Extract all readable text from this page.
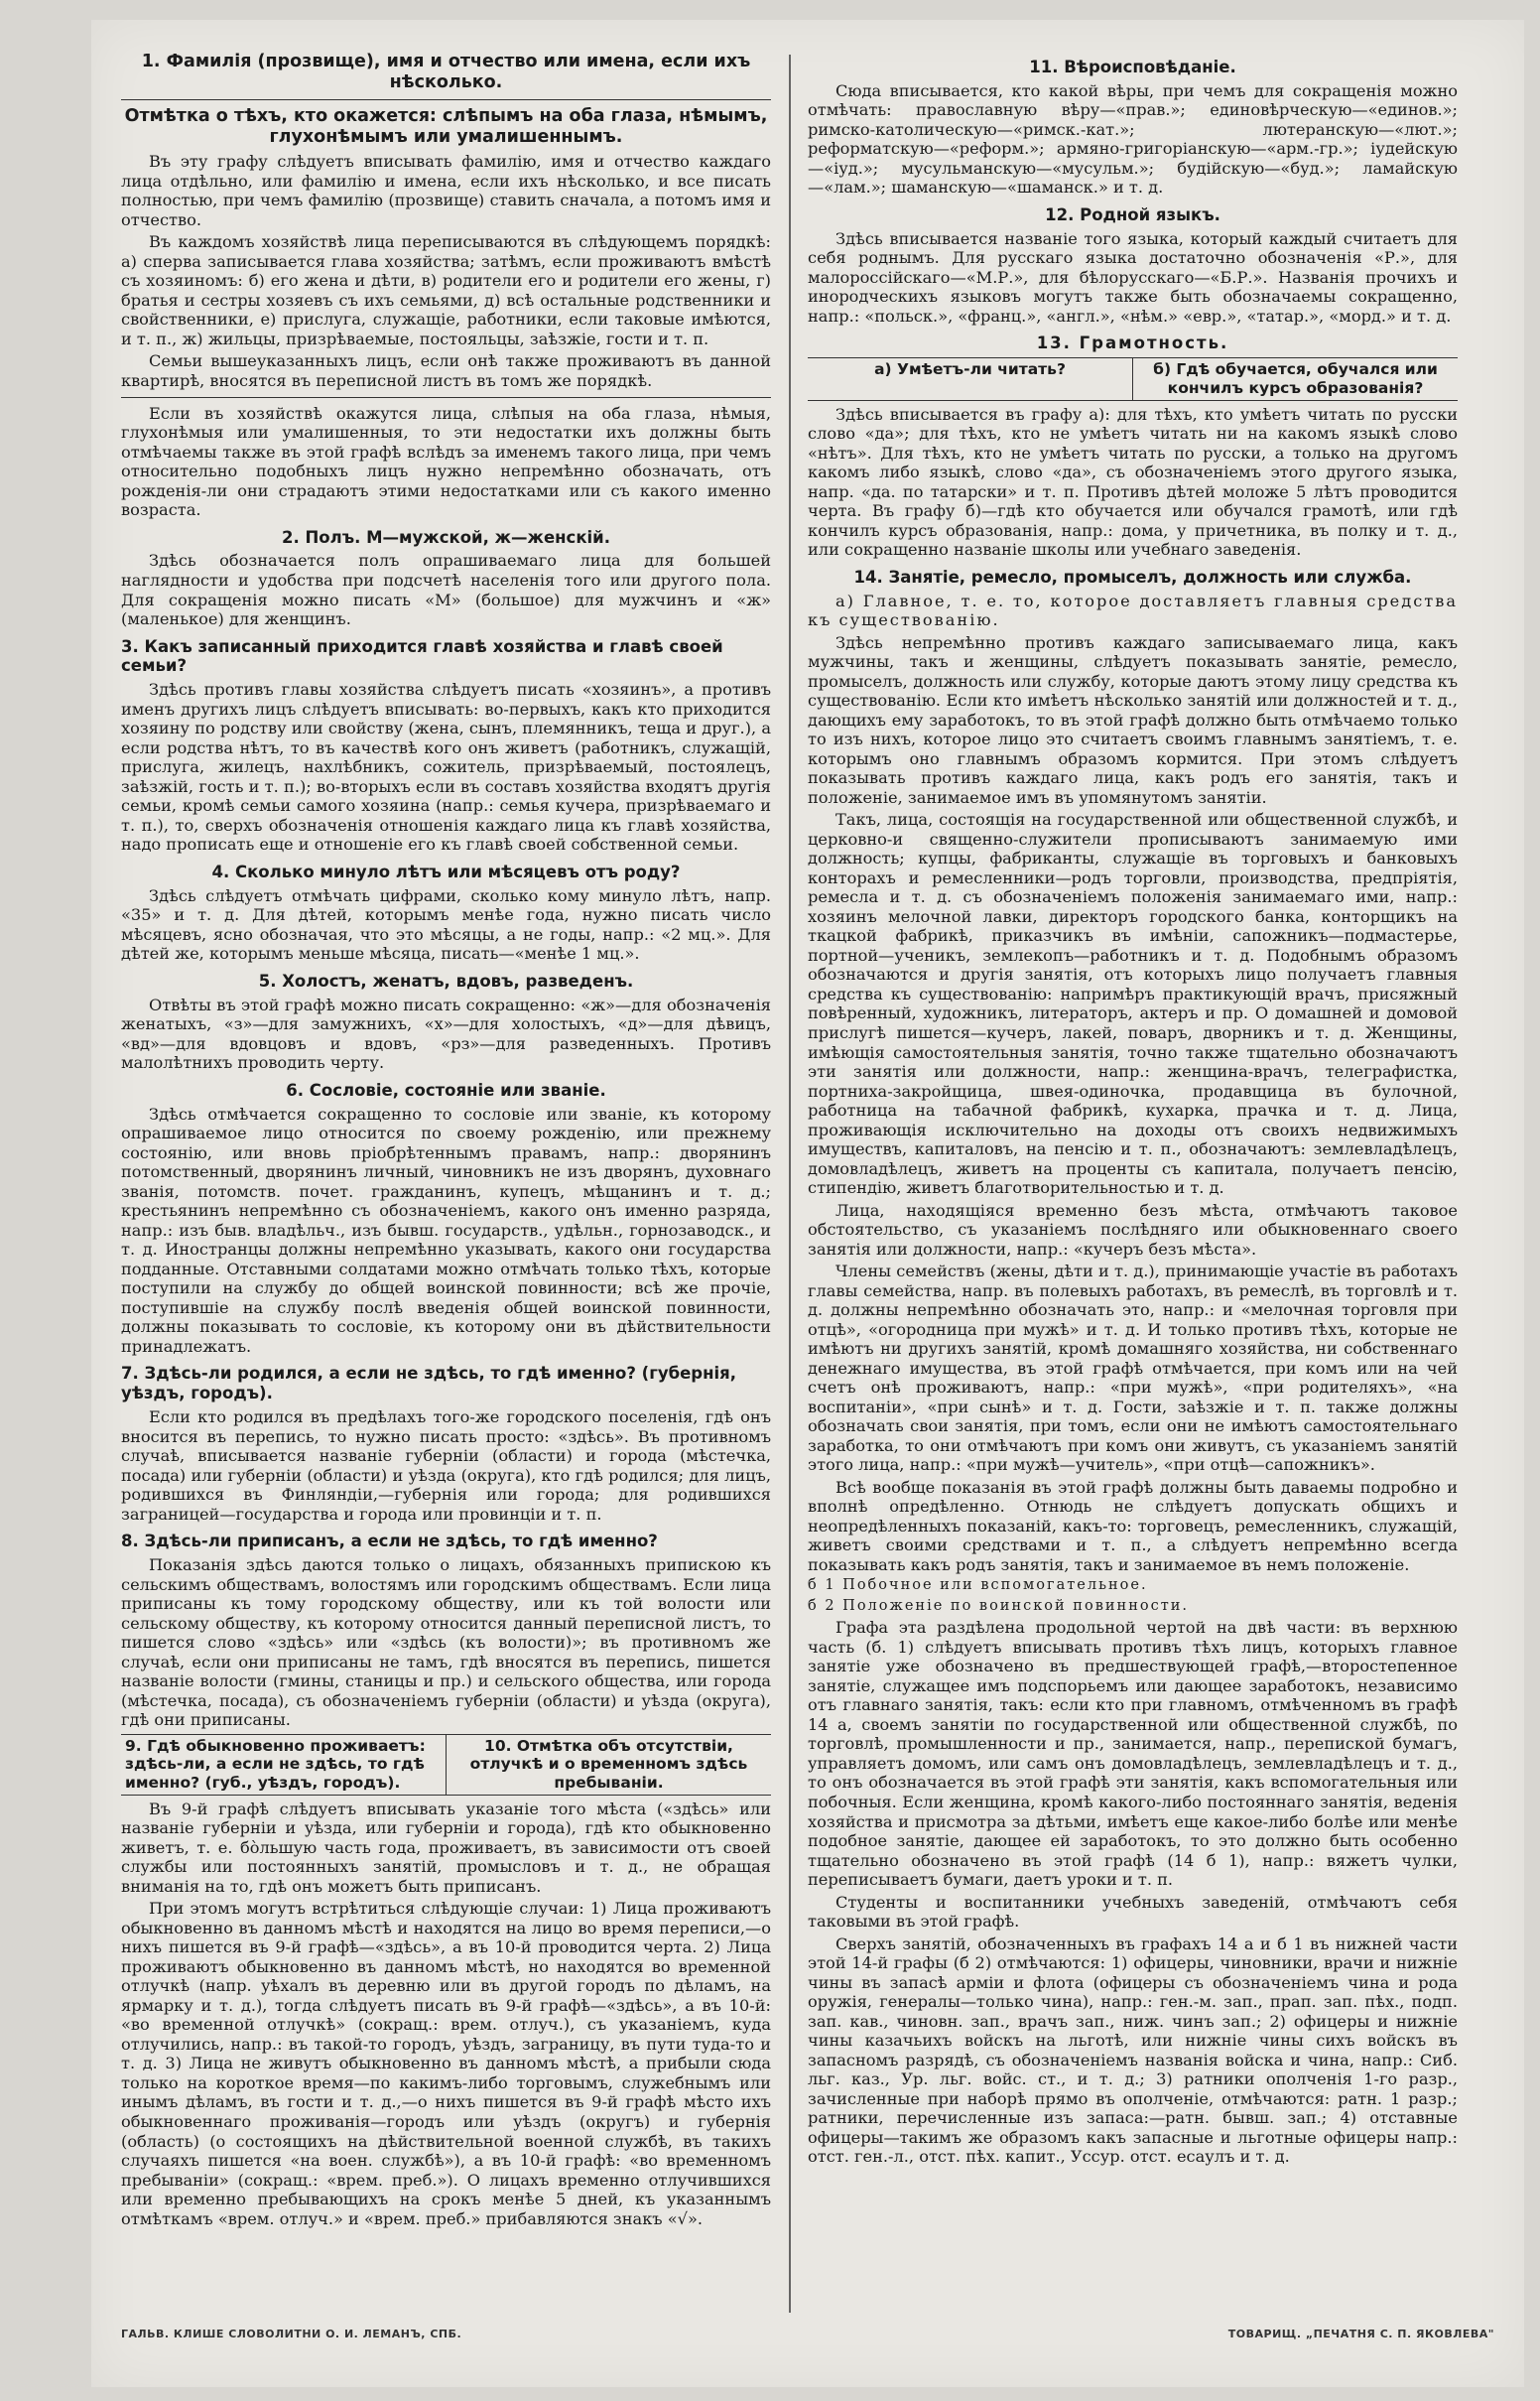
1. Фамилія (прозвище), имя и отчество или имена, если ихъ нѣсколько.
Отмѣтка о тѣхъ, кто окажется: слѣпымъ на оба глаза, нѣмымъ, глухонѣмымъ или умалишеннымъ.

Въ эту графу слѣдуетъ вписывать фамилію, имя и отчество каждаго лица отдѣльно, или фамилію и имена, если ихъ нѣсколько, и все писать полностью, при чемъ фамилію (прозвище) ставить сначала, а потомъ имя и отчество.

Въ каждомъ хозяйствѣ лица переписываются въ слѣдующемъ порядкѣ: а) сперва записывается глава хозяйства; затѣмъ, если проживаютъ вмѣстѣ съ хозяиномъ: б) его жена и дѣти, в) родители его и родители его жены, г) братья и сестры хозяевъ съ ихъ семьями, д) всѣ остальные родственники и свойственники, е) прислуга, служащіе, работники, если таковые имѣются, и т. п., ж) жильцы, призрѣваемые, постояльцы, заѣзжіе, гости и т. п.

Семьи вышеуказанныхъ лицъ, если онѣ также проживаютъ въ данной квартирѣ, вносятся въ переписной листъ въ томъ же порядкѣ.

Если въ хозяйствѣ окажутся лица, слѣпыя на оба глаза, нѣмыя, глухонѣмыя или умалишенныя, то эти недостатки ихъ должны быть отмѣчаемы также въ этой графѣ вслѣдъ за именемъ такого лица, при чемъ относительно подобныхъ лицъ нужно непремѣнно обозначать, отъ рожденія-ли они страдаютъ этими недостатками или съ какого именно возраста.

2. Полъ. М—мужской, ж—женскій.

Здѣсь обозначается полъ опрашиваемаго лица для большей наглядности и удобства при подсчетѣ населенія того или другого пола. Для сокращенія можно писать «М» (большое) для мужчинъ и «ж» (маленькое) для женщинъ.

3. Какъ записанный приходится главѣ хозяйства и главѣ своей семьи?

Здѣсь противъ главы хозяйства слѣдуетъ писать «хозяинъ», а противъ именъ другихъ лицъ слѣдуетъ вписывать: во-первыхъ, какъ кто приходится хозяину по родству или свойству (жена, сынъ, племянникъ, теща и друг.), а если родства нѣтъ, то въ качествѣ кого онъ живетъ (работникъ, служащій, прислуга, жилецъ, нахлѣбникъ, сожитель, призрѣваемый, постоялецъ, заѣзжій, гость и т. п.); во-вторыхъ если въ составъ хозяйства входятъ другія семьи, кромѣ семьи самого хозяина (напр.: семья кучера, призрѣваемаго и т. п.), то, сверхъ обозначенія отношенія каждаго лица къ главѣ хозяйства, надо прописать еще и отношеніе его къ главѣ своей собственной семьи.

4. Сколько минуло лѣтъ или мѣсяцевъ отъ роду?

Здѣсь слѣдуетъ отмѣчать цифрами, сколько кому минуло лѣтъ, напр. «35» и т. д. Для дѣтей, которымъ менѣе года, нужно писать число мѣсяцевъ, ясно обозначая, что это мѣсяцы, а не годы, напр.: «2 мц.». Для дѣтей же, которымъ меньше мѣсяца, писать—«менѣе 1 мц.».

5. Холостъ, женатъ, вдовъ, разведенъ.

Отвѣты въ этой графѣ можно писать сокращенно: «ж»—для обозначенія женатыхъ, «з»—для замужнихъ, «х»—для холостыхъ, «д»—для дѣвицъ, «вд»—для вдовцовъ и вдовъ, «рз»—для разведенныхъ. Противъ малолѣтнихъ проводить черту.

6. Сословіе, состояніе или званіе.

Здѣсь отмѣчается сокращенно то сословіе или званіе, къ которому опрашиваемое лицо относится по своему рожденію, или прежнему состоянію, или вновь пріобрѣтеннымъ правамъ, напр.: дворянинъ потомственный, дворянинъ личный, чиновникъ не изъ дворянъ, духовнаго званія, потомств. почет. гражданинъ, купецъ, мѣщанинъ и т. д.; крестьянинъ непремѣнно съ обозначеніемъ, какого онъ именно разряда, напр.: изъ быв. владѣльч., изъ бывш. государств., удѣльн., горнозаводск., и т. д. Иностранцы должны непремѣнно указывать, какого они государства подданные. Отставными солдатами можно отмѣчать только тѣхъ, которые поступили на службу до общей воинской повинности; всѣ же прочіе, поступившіе на службу послѣ введенія общей воинской повинности, должны показывать то сословіе, къ которому они въ дѣйствительности принадлежатъ.

7. Здѣсь-ли родился, а если не здѣсь, то гдѣ именно? (губернія, уѣздъ, городъ).

Если кто родился въ предѣлахъ того-же городского поселенія, гдѣ онъ вносится въ перепись, то нужно писать просто: «здѣсь». Въ противномъ случаѣ, вписывается названіе губерніи (области) и города (мѣстечка, посада) или губерніи (области) и уѣзда (округа), кто гдѣ родился; для лицъ, родившихся въ Финляндіи,—губернія или города; для родившихся заграницей—государства и города или провинціи и т. п.

8. Здѣсь-ли приписанъ, а если не здѣсь, то гдѣ именно?

Показанія здѣсь даются только о лицахъ, обязанныхъ припискою къ сельскимъ обществамъ, волостямъ или городскимъ обществамъ. Если лица приписаны къ тому городскому обществу, или къ той волости или сельскому обществу, къ которому относится данный переписной листъ, то пишется слово «здѣсь» или «здѣсь (къ волости)»; въ противномъ же случаѣ, если они приписаны не тамъ, гдѣ вносятся въ перепись, пишется названіе волости (гмины, станицы и пр.) и сельского общества, или города (мѣстечка, посада), съ обозначеніемъ губерніи (области) и уѣзда (округа), гдѣ они приписаны.

9. Гдѣ обыкновенно проживаетъ: здѣсь-ли, а если не здѣсь, то гдѣ именно? (губ., уѣздъ, городъ).
10. Отмѣтка объ отсутствіи, отлучкѣ и о временномъ здѣсь пребываніи.

Въ 9-й графѣ слѣдуетъ вписывать указаніе того мѣста («здѣсь» или названіе губерніи и уѣзда, или губерніи и города), гдѣ кто обыкновенно живетъ, т. е. бо̀льшую часть года, проживаетъ, въ зависимости отъ своей службы или постоянныхъ занятій, промысловъ и т. д., не обращая вниманія на то, гдѣ онъ можетъ быть приписанъ.

При этомъ могутъ встрѣтиться слѣдующіе случаи: 1) Лица проживаютъ обыкновенно въ данномъ мѣстѣ и находятся на лицо во время переписи,—о нихъ пишется въ 9-й графѣ—«здѣсь», а въ 10-й проводится черта. 2) Лица проживаютъ обыкновенно въ данномъ мѣстѣ, но находятся во временной отлучкѣ (напр. уѣхалъ въ деревню или въ другой городъ по дѣламъ, на ярмарку и т. д.), тогда слѣдуетъ писать въ 9-й графѣ—«здѣсь», а въ 10-й: «во временной отлучкѣ» (сокращ.: врем. отлуч.), съ указаніемъ, куда отлучились, напр.: въ такой-то городъ, уѣздъ, заграницу, въ пути туда-то и т. д. 3) Лица не живутъ обыкновенно въ данномъ мѣстѣ, а прибыли сюда только на короткое время—по какимъ-либо торговымъ, служебнымъ или инымъ дѣламъ, въ гости и т. д.,—о нихъ пишется въ 9-й графѣ мѣсто ихъ обыкновеннаго проживанія—городъ или уѣздъ (округъ) и губернія (область) (о состоящихъ на дѣйствительной военной службѣ, въ такихъ случаяхъ пишется «на воен. службѣ»), а въ 10-й графѣ: «во временномъ пребываніи» (сокращ.: «врем. преб.»). О лицахъ временно отлучившихся или временно пребывающихъ на срокъ менѣе 5 дней, къ указаннымъ отмѣткамъ «врем. отлуч.» и «врем. преб.» прибавляются знакъ «√».

11. Вѣроисповѣданіе.

Сюда вписывается, кто какой вѣры, при чемъ для сокращенія можно отмѣчать: православную вѣру—«прав.»; единовѣрческую—«единов.»; римско-католическую—«римск.-кат.»; лютеранскую—«лют.»; реформатскую—«реформ.»; армяно-григоріанскую—«арм.-гр.»; іудейскую—«іуд.»; мусульманскую—«мусульм.»; будійскую—«буд.»; ламайскую—«лам.»; шаманскую—«шаманск.» и т. д.

12. Родной языкъ.

Здѣсь вписывается названіе того языка, который каждый считаетъ для себя роднымъ. Для русскаго языка достаточно обозначенія «Р.», для малороссійскаго—«М.Р.», для бѣлорусскаго—«Б.Р.». Названія прочихъ и инородческихъ языковъ могутъ также быть обозначаемы сокращенно, напр.: «польск.», «франц.», «англ.», «нѣм.» «евр.», «татар.», «морд.» и т. д.

13. Грамотность.
а) Умѣетъ-ли читать?	б) Гдѣ обучается, обучался или кончилъ курсъ образованія?

Здѣсь вписывается въ графу а): для тѣхъ, кто умѣетъ читать по русски слово «да»; для тѣхъ, кто не умѣетъ читать ни на какомъ языкѣ слово «нѣтъ». Для тѣхъ, кто не умѣетъ читать по русски, а только на другомъ какомъ либо языкѣ, слово «да», съ обозначеніемъ этого другого языка, напр. «да. по татарски» и т. п. Противъ дѣтей моложе 5 лѣтъ проводится черта. Въ графу б)—гдѣ кто обучается или обучался грамотѣ, или гдѣ кончилъ курсъ образованія, напр.: дома, у причетника, въ полку и т. д., или сокращенно названіе школы или учебнаго заведенія.

14. Занятіе, ремесло, промыселъ, должность или служба.

а) Главное, т. е. то, которое доставляетъ главныя средства къ существованію.

Здѣсь непремѣнно противъ каждаго записываемаго лица, какъ мужчины, такъ и женщины, слѣдуетъ показывать занятіе, ремесло, промыселъ, должность или службу, которые даютъ этому лицу средства къ существованію. Если кто имѣетъ нѣсколько занятій или должностей и т. д., дающихъ ему заработокъ, то въ этой графѣ должно быть отмѣчаемо только то изъ нихъ, которое лицо это считаетъ своимъ главнымъ занятіемъ, т. е. которымъ оно главнымъ образомъ кормится. При этомъ слѣдуетъ показывать противъ каждаго лица, какъ родъ его занятія, такъ и положеніе, занимаемое имъ въ упомянутомъ занятіи.

Такъ, лица, состоящія на государственной или общественной службѣ, и церковно-и священно-служители прописываютъ занимаемую ими должность; купцы, фабриканты, служащіе въ торговыхъ и банковыхъ конторахъ и ремесленники—родъ торговли, производства, предпріятія, ремесла и т. д. съ обозначеніемъ положенія занимаемаго ими, напр.: хозяинъ мелочной лавки, директоръ городского банка, конторщикъ на ткацкой фабрикѣ, приказчикъ въ имѣніи, сапожникъ—подмастерье, портной—ученикъ, землекопъ—работникъ и т. д. Подобнымъ образомъ обозначаются и другія занятія, отъ которыхъ лицо получаетъ главныя средства къ существованію: напримѣръ практикующій врачъ, присяжный повѣренный, художникъ, литераторъ, актеръ и пр. О домашней и домовой прислугѣ пишется—кучеръ, лакей, поваръ, дворникъ и т. д. Женщины, имѣющія самостоятельныя занятія, точно также тщательно обозначаютъ эти занятія или должности, напр.: женщина-врачъ, телеграфистка, портниха-закройщица, швея-одиночка, продавщица въ булочной, работница на табачной фабрикѣ, кухарка, прачка и т. д. Лица, проживающія исключительно на доходы отъ своихъ недвижимыхъ имуществъ, капиталовъ, на пенсію и т. п., обозначаютъ: землевладѣлецъ, домовладѣлецъ, живетъ на проценты съ капитала, получаетъ пенсію, стипендію, живетъ благотворительностью и т. д.

Лица, находящіяся временно безъ мѣста, отмѣчаютъ таковое обстоятельство, съ указаніемъ послѣдняго или обыкновеннаго своего занятія или должности, напр.: «кучеръ безъ мѣста».

Члены семействъ (жены, дѣти и т. д.), принимающіе участіе въ работахъ главы семейства, напр. въ полевыхъ работахъ, въ ремеслѣ, въ торговлѣ и т. д. должны непремѣнно обозначать это, напр.: и «мелочная торговля при отцѣ», «огородница при мужѣ» и т. д. И только противъ тѣхъ, которые не имѣютъ ни другихъ занятій, кромѣ домашняго хозяйства, ни собственнаго денежнаго имущества, въ этой графѣ отмѣчается, при комъ или на чей счетъ онѣ проживаютъ, напр.: «при мужѣ», «при родителяхъ», «на воспитаніи», «при сынѣ» и т. д. Гости, заѣзжіе и т. п. также должны обозначать свои занятія, при томъ, если они не имѣютъ самостоятельнаго заработка, то они отмѣчаютъ при комъ они живутъ, съ указаніемъ занятій этого лица, напр.: «при мужѣ—учитель», «при отцѣ—сапожникъ».

Всѣ вообще показанія въ этой графѣ должны быть даваемы подробно и вполнѣ опредѣленно. Отнюдь не слѣдуетъ допускать общихъ и неопредѣленныхъ показаній, какъ-то: торговецъ, ремесленникъ, служащій, живетъ своими средствами и т. п., а слѣдуетъ непремѣнно всегда показывать какъ родъ занятія, такъ и занимаемое въ немъ положеніе.

б 1 Побочное или вспомогательное.

б 2 Положеніе по воинской повинности.

Графа эта раздѣлена продольной чертой на двѣ части: въ верхнюю часть (б. 1) слѣдуетъ вписывать противъ тѣхъ лицъ, которыхъ главное занятіе уже обозначено въ предшествующей графѣ,—второстепенное занятіе, служащее имъ подспорьемъ или дающее заработокъ, независимо отъ главнаго занятія, такъ: если кто при главномъ, отмѣченномъ въ графѣ 14 а, своемъ занятіи по государственной или общественной службѣ, по торговлѣ, промышленности и пр., занимается, напр., перепиской бумагъ, управляетъ домомъ, или самъ онъ домовладѣлецъ, землевладѣлецъ и т. д., то онъ обозначается въ этой графѣ эти занятія, какъ вспомогательныя или побочныя. Если женщина, кромѣ какого-либо постояннаго занятія, веденія хозяйства и присмотра за дѣтьми, имѣетъ еще какое-либо болѣе или менѣе подобное занятіе, дающее ей заработокъ, то это должно быть особенно тщательно обозначено въ этой графѣ (14 б 1), напр.: вяжетъ чулки, переписываетъ бумаги, даетъ уроки и т. п.

Студенты и воспитанники учебныхъ заведеній, отмѣчаютъ себя таковыми въ этой графѣ.

Сверхъ занятій, обозначенныхъ въ графахъ 14 а и б 1 въ нижней части этой 14-й графы (б 2) отмѣчаются: 1) офицеры, чиновники, врачи и нижніе чины въ запасѣ арміи и флота (офицеры съ обозначеніемъ чина и рода оружія, генералы—только чина), напр.: ген.-м. зап., прап. зап. пѣх., подп. зап. кав., чиновн. зап., врачъ зап., ниж. чинъ зап.; 2) офицеры и нижніе чины казачьихъ войскъ на льготѣ, или нижніе чины сихъ войскъ въ запасномъ разрядѣ, съ обозначеніемъ названія войска и чина, напр.: Сиб. льг. каз., Ур. льг. войс. ст., и т. д.; 3) ратники ополченія 1-го разр., зачисленные при наборѣ прямо въ ополченіе, отмѣчаются: ратн. 1 разр.; ратники, перечисленные изъ запаса:—ратн. бывш. зап.; 4) отставные офицеры—такимъ же образомъ какъ запасные и льготные офицеры напр.: отст. ген.-л., отст. пѣх. капит., Уссур. отст. есаулъ и т. д.

ГАЛЬВ. КЛИШЕ СЛОВОЛИТНИ О. И. ЛЕМАНЪ, СПБ.	ТОВАРИЩ. „ПЕЧАТНЯ С. П. ЯКОВЛЕВА"
